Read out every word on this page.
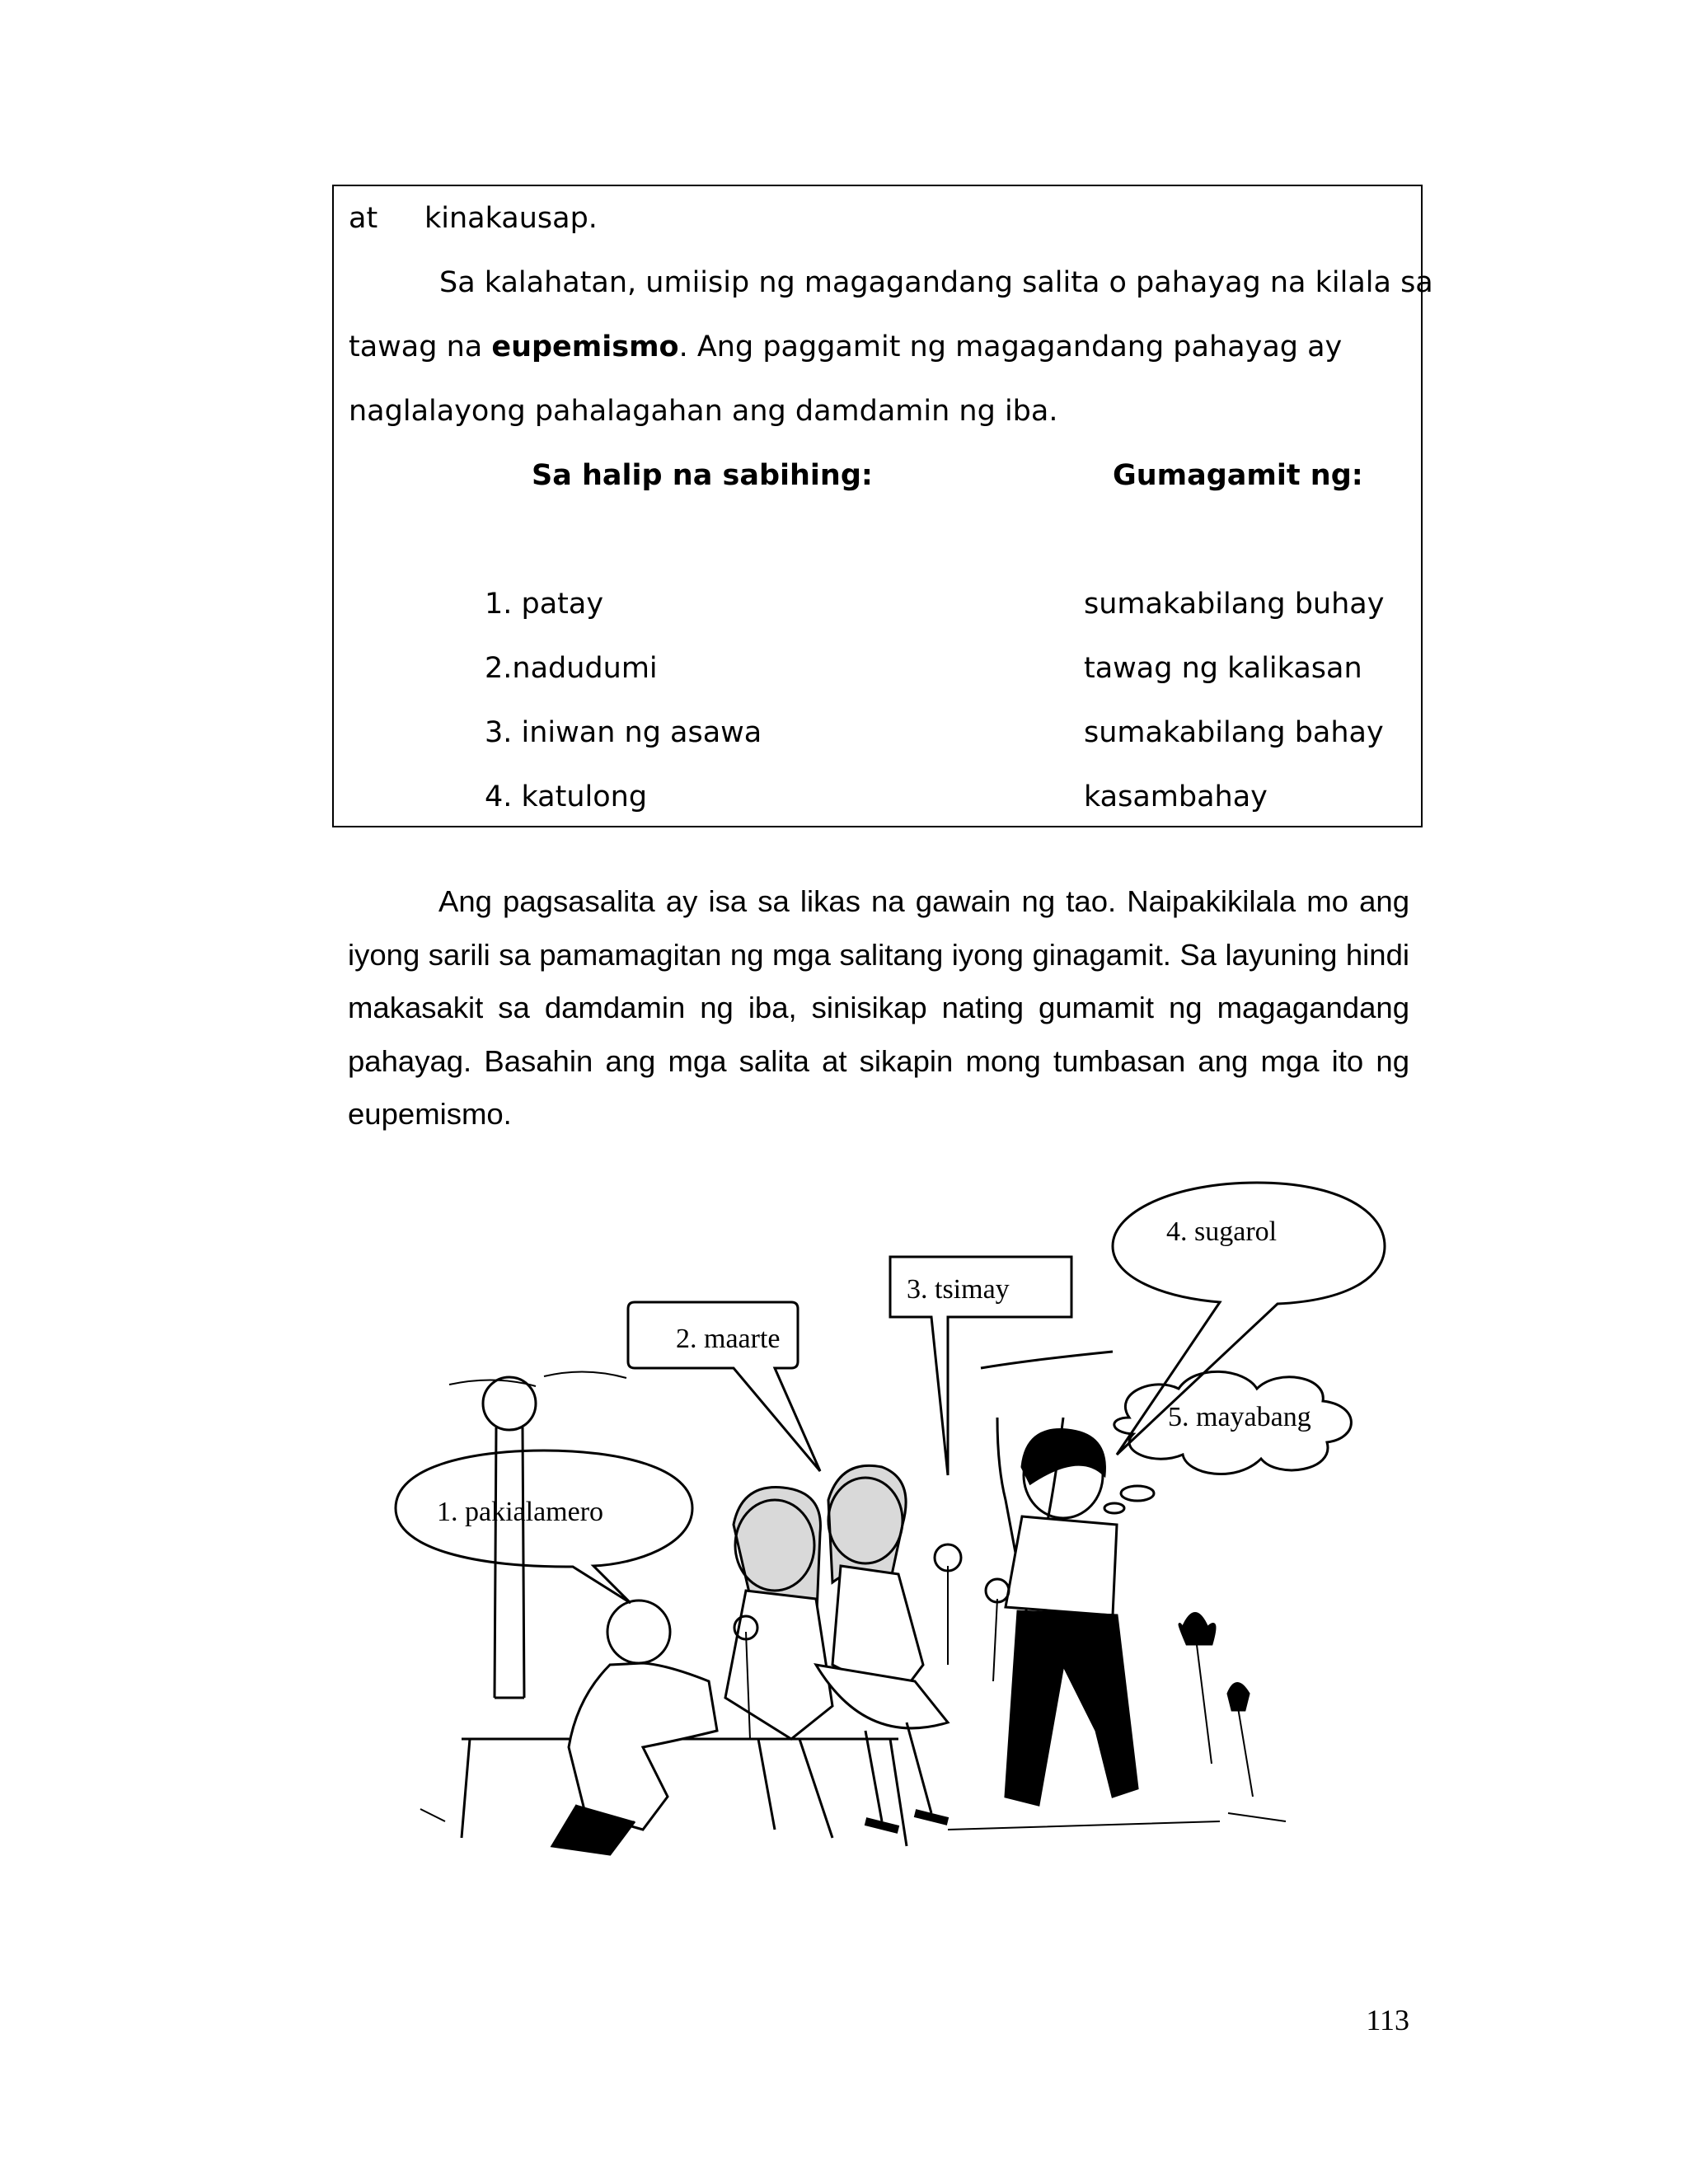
at kinakausap.
Sa kalahatan, umiisip ng magagandang salita o pahayag na kilala sa
tawag na eupemismo. Ang paggamit ng magagandang pahayag ay
naglalayong pahalagahan ang damdamin ng iba.
Sa halip na sabihing:	Gumagamit ng:
1. patay	sumakabilang buhay
2.nadudumi	tawag ng kalikasan
3. iniwan ng asawa	sumakabilang bahay
4. katulong	kasambahay

Ang pagsasalita ay isa sa likas na gawain ng tao. Naipakikilala mo ang iyong sarili sa pamamagitan ng mga salitang iyong ginagamit. Sa layuning hindi makasakit sa damdamin ng iba, sinisikap nating gumamit ng magagandang pahayag. Basahin ang mga salita at sikapin mong tumbasan ang mga ito ng eupemismo.

1. pakialamero
2. maarte
3. tsimay
4. sugarol
5. mayabang
113
